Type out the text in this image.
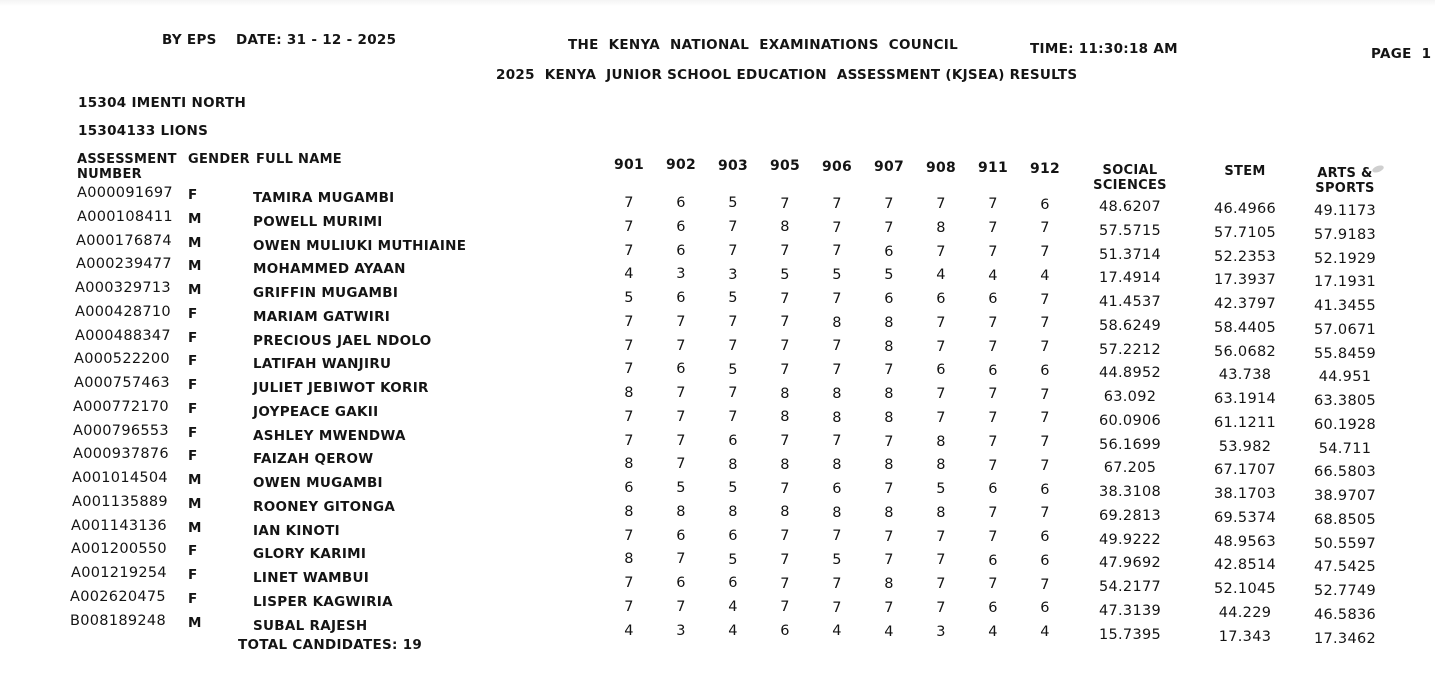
BY EPS DATE: 31 - 12 - 2025	THE  KENYA  NATIONAL  EXAMINATIONS  COUNCIL	TIME: 11:30:18 AM	PAGE  1
2025  KENYA  JUNIOR SCHOOL EDUCATION  ASSESSMENT (KJSEA) RESULTS
15304 IMENTI NORTH
15304133 LIONS
ASSESSMENT
NUMBER
GENDER FULL NAME	901	902	903	905	906	907	908	911	912	SOCIAL
SCIENCES
STEM	ARTS &
SPORTS
A000091697 F	TAMIRA MUGAMBI	7	6	5	7	7	7	7	7	6	48.6207	46.4966	49.1173
A000108411 M	POWELL MURIMI	7	6	7	8	7	7	8	7	7	57.5715	57.7105	57.9183
A000176874 M	OWEN MULIUKI MUTHIAINE	7	6	7	7	7	6	7	7	7	51.3714	52.2353	52.1929
A000239477 M	MOHAMMED AYAAN	4	3	3	5	5	5	4	4	4	17.4914	17.3937	17.1931
A000329713 M	GRIFFIN MUGAMBI	5	6	5	7	7	6	6	6	7	41.4537	42.3797	41.3455
A000428710 F	MARIAM GATWIRI	7	7	7	7	8	8	7	7	7	58.6249	58.4405	57.0671
A000488347 F	PRECIOUS JAEL NDOLO	7	7	7	7	7	8	7	7	7	57.2212	56.0682	55.8459
A000522200 F	LATIFAH WANJIRU	7	6	5	7	7	7	6	6	6	44.8952	43.738	44.951
A000757463 F	JULIET JEBIWOT KORIR	8	7	7	8	8	8	7	7	7	63.092	63.1914	63.3805
A000772170 F	JOYPEACE GAKII	7	7	7	8	8	8	7	7	7	60.0906	61.1211	60.1928
A000796553 F	ASHLEY MWENDWA	7	7	6	7	7	7	8	7	7	56.1699	53.982	54.711
A000937876 F	FAIZAH QEROW	8	7	8	8	8	8	8	7	7	67.205	67.1707	66.5803
A001014504 M	OWEN MUGAMBI	6	5	5	7	6	7	5	6	6	38.3108	38.1703	38.9707
A001135889 M	ROONEY GITONGA	8	8	8	8	8	8	8	7	7	69.2813	69.5374	68.8505
A001143136 M	IAN KINOTI	7	6	6	7	7	7	7	7	6	49.9222	48.9563	50.5597
A001200550 F	GLORY KARIMI	8	7	5	7	5	7	7	6	6	47.9692	42.8514	47.5425
A001219254 F	LINET WAMBUI	7	6	6	7	7	8	7	7	7	54.2177	52.1045	52.7749
A002620475 F	LISPER KAGWIRIA	7	7	4	7	7	7	7	6	6	47.3139	44.229	46.5836
B008189248 M	SUBAL RAJESH	4	3	4	6	4	4	3	4	4	15.7395	17.343	17.3462
TOTAL CANDIDATES: 19
